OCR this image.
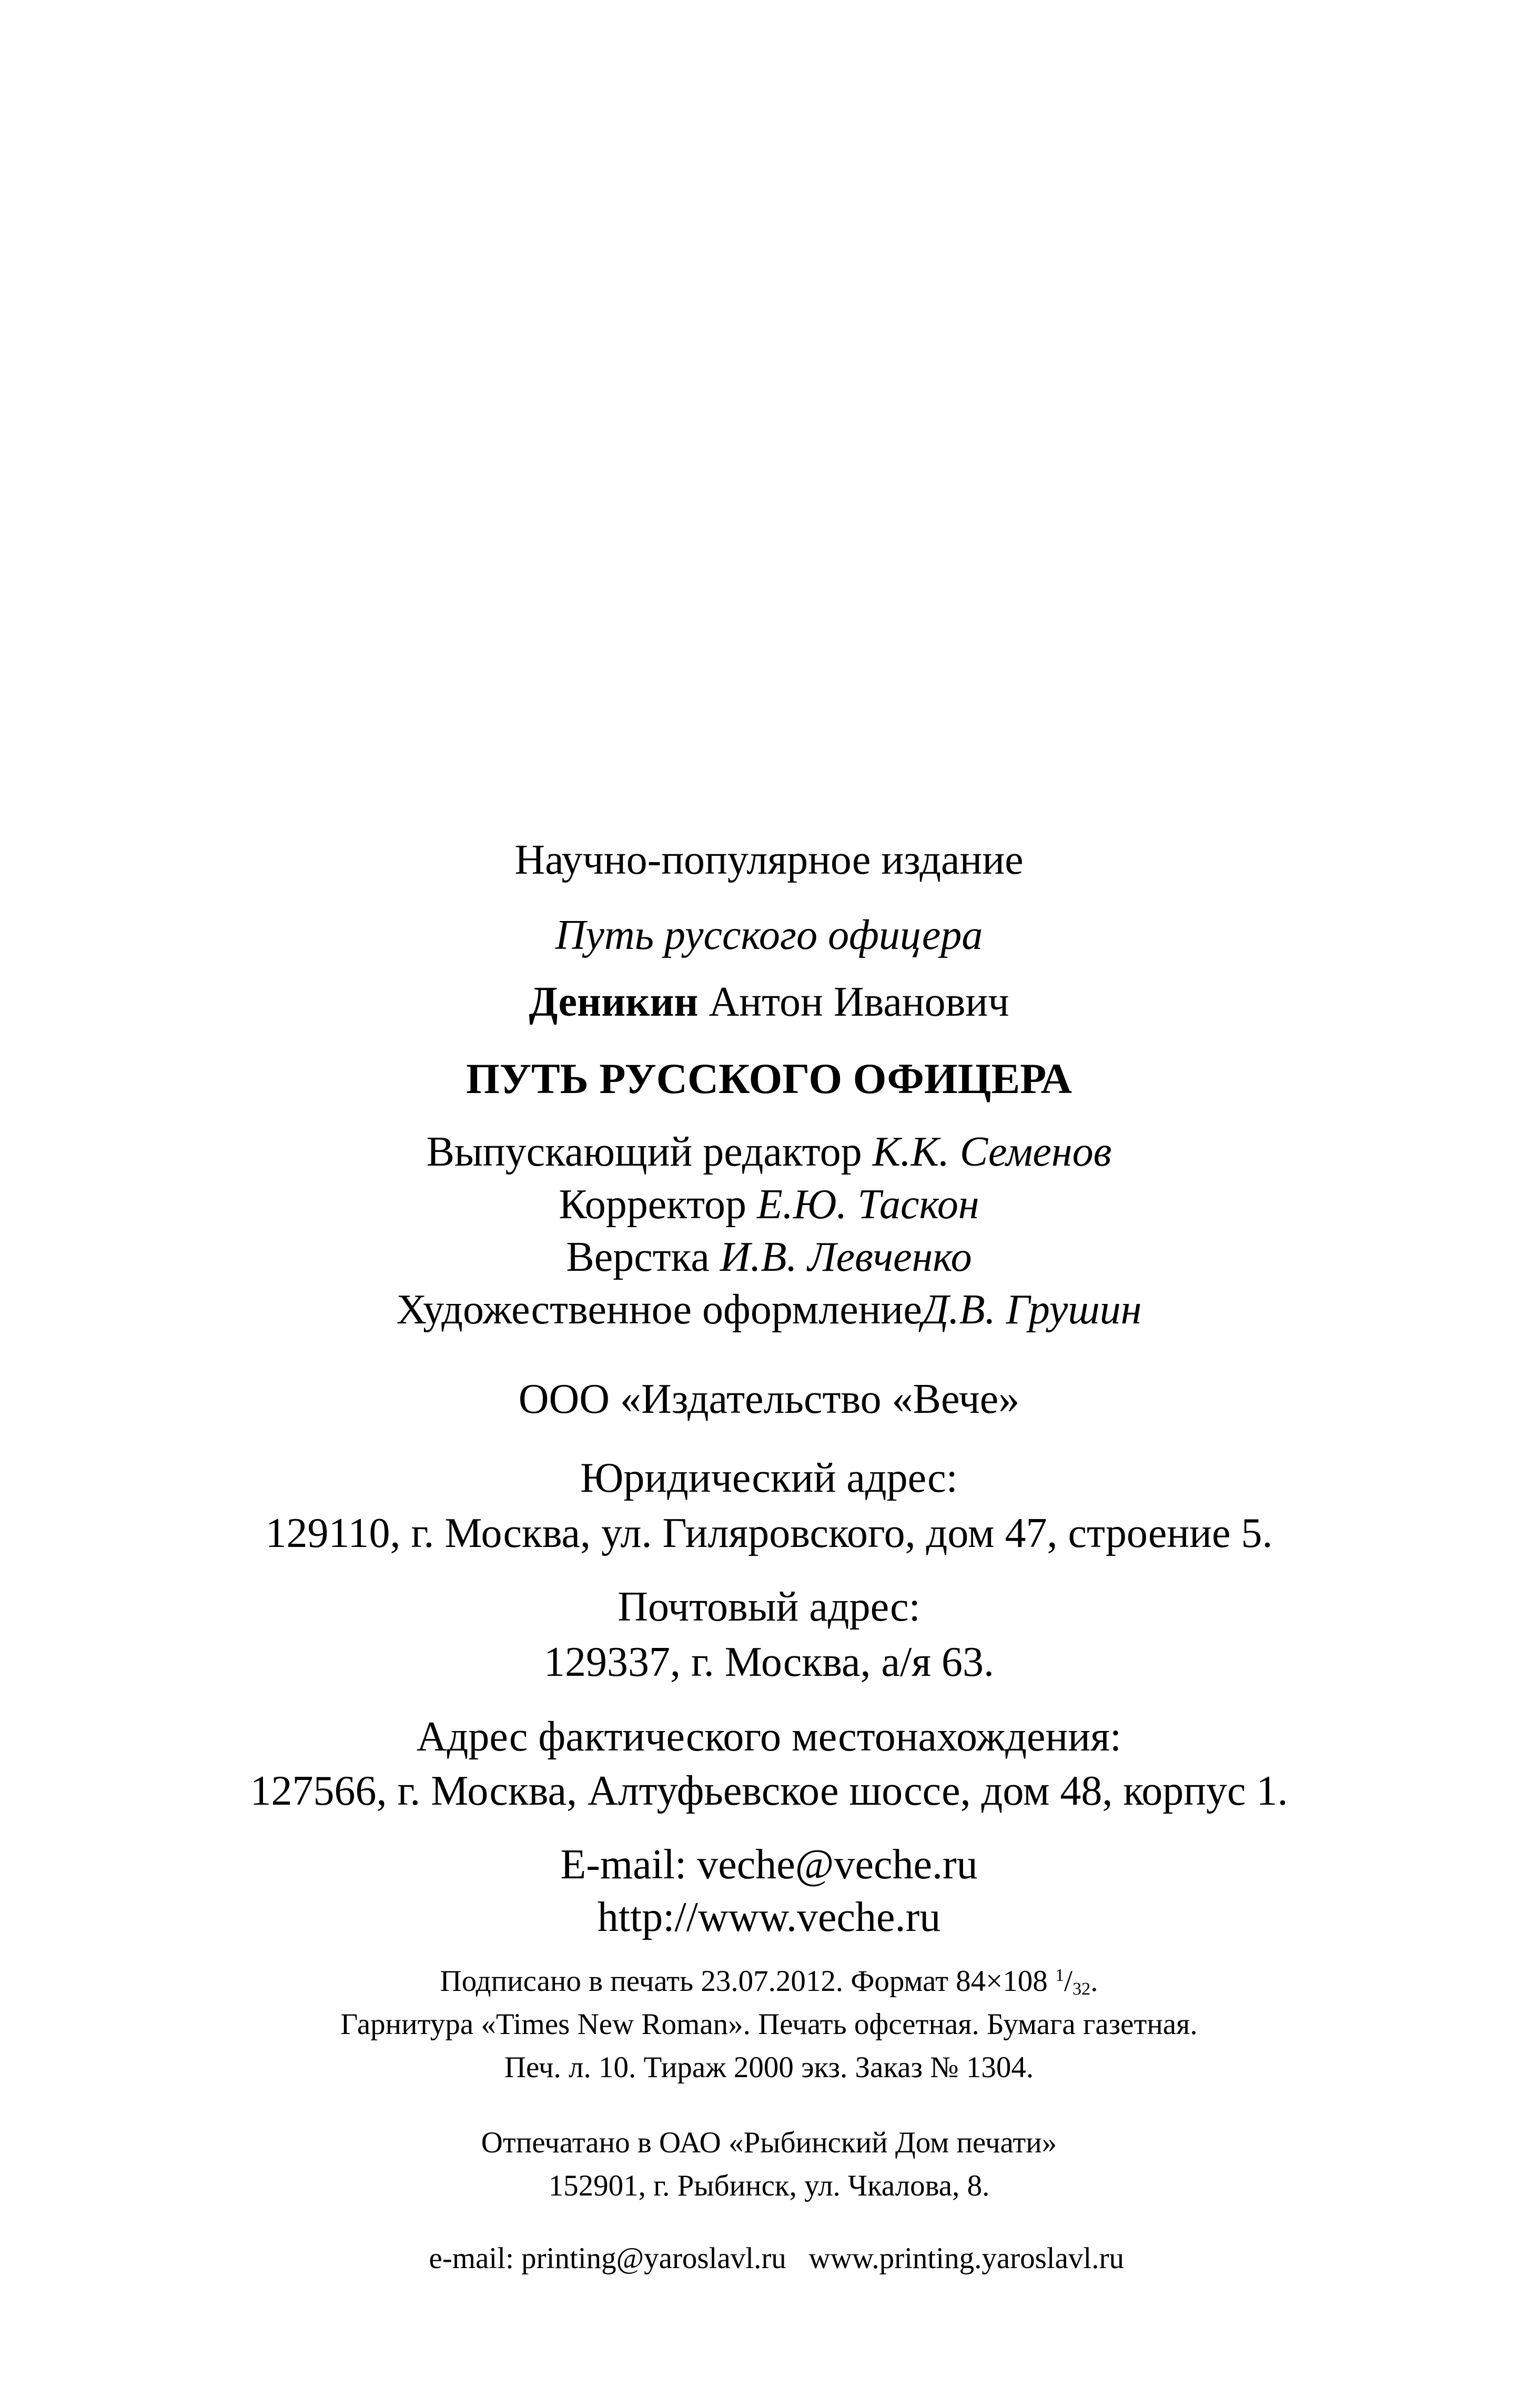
Научно-популярное издание
Путь русского офицера
Деникин Антон Иванович
ПУТЬ РУССКОГО ОФИЦЕРА
Выпускающий редактор К.К. Семенов
Корректор Е.Ю. Таскон
Верстка И.В. Левченко
Художественное оформлениеД.В. Грушин
ООО «Издательство «Вече»
Юридический адрес:
129110, г. Москва, ул. Гиляровского, дом 47, строение 5.
Почтовый адрес:
129337, г. Москва, а/я 63.
Адрес фактического местонахождения:
127566, г. Москва, Алтуфьевское шоссе, дом 48, корпус 1.
E-mail: veche@veche.ru
http://www.veche.ru
Подписано в печать 23.07.2012. Формат 84×108 $^1/_{32}$.
Гарнитура «Times New Roman». Печать офсетная. Бумага газетная.
Печ. л. 10. Тираж 2000 экз. Заказ № 1304.
Отпечатано в ОАО «Рыбинский Дом печати»
152901, г. Рыбинск, ул. Чкалова, 8.

e-mail: printing@yaroslavl.ru   www.printing.yaroslavl.ru
